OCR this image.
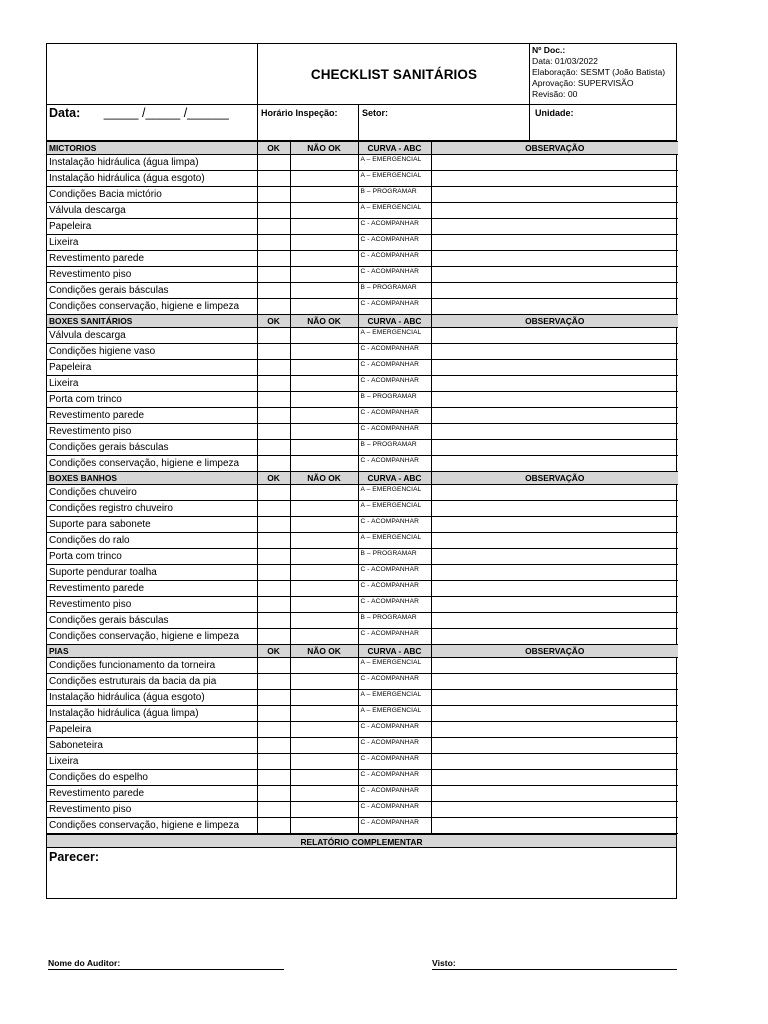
CHECKLIST SANITÁRIOS
Nº Doc.:
Data: 01/03/2022
Elaboração: SESMT (João Batista)
Aprovação: SUPERVISÃO
Revisão: 00
Data: _____ /_____ /______	Horário Inspeção:	Setor:	Unidade:
MICTORIOS	OK	NÃO OK	CURVA - ABC	OBSERVAÇÃO
Instalação hidráulica (água limpa)			A – EMERGENCIAL	
Instalação hidráulica (água esgoto)			A – EMERGENCIAL	
Condições Bacia mictório			B – PROGRAMAR	
Válvula descarga			A – EMERGENCIAL	
Papeleira			C - ACOMPANHAR	
Lixeira			C - ACOMPANHAR	
Revestimento parede			C - ACOMPANHAR	
Revestimento piso			C - ACOMPANHAR	
Condições gerais básculas			B – PROGRAMAR	
Condições conservação, higiene e limpeza			C - ACOMPANHAR	
BOXES SANITÁRIOS	OK	NÃO OK	CURVA - ABC	OBSERVAÇÃO
Válvula descarga			A – EMERGENCIAL	
Condições higiene vaso			C - ACOMPANHAR	
Papeleira			C - ACOMPANHAR	
Lixeira			C - ACOMPANHAR	
Porta com trinco			B – PROGRAMAR	
Revestimento parede			C - ACOMPANHAR	
Revestimento piso			C - ACOMPANHAR	
Condições gerais básculas			B – PROGRAMAR	
Condições conservação, higiene e limpeza			C - ACOMPANHAR	
BOXES BANHOS	OK	NÃO OK	CURVA - ABC	OBSERVAÇÃO
Condições chuveiro			A – EMERGENCIAL	
Condições registro chuveiro			A – EMERGENCIAL	
Suporte para sabonete			C - ACOMPANHAR	
Condições do ralo			A – EMERGENCIAL	
Porta com trinco			B – PROGRAMAR	
Suporte pendurar toalha			C - ACOMPANHAR	
Revestimento parede			C - ACOMPANHAR	
Revestimento piso			C - ACOMPANHAR	
Condições gerais básculas			B – PROGRAMAR	
Condições conservação, higiene e limpeza			C - ACOMPANHAR	
PIAS	OK	NÃO OK	CURVA - ABC	OBSERVAÇÃO
Condições funcionamento da torneira			A – EMERGENCIAL	
Condições estruturais da bacia da pia			C - ACOMPANHAR	
Instalação hidráulica (água esgoto)			A – EMERGENCIAL	
Instalação hidráulica (água limpa)			A – EMERGENCIAL	
Papeleira			C - ACOMPANHAR	
Saboneteira			C - ACOMPANHAR	
Lixeira			C - ACOMPANHAR	
Condições do espelho			C - ACOMPANHAR	
Revestimento parede			C - ACOMPANHAR	
Revestimento piso			C - ACOMPANHAR	
Condições conservação, higiene e limpeza			C - ACOMPANHAR	
RELATÓRIO COMPLEMENTAR
Parecer:
Nome do Auditor:	Visto:
